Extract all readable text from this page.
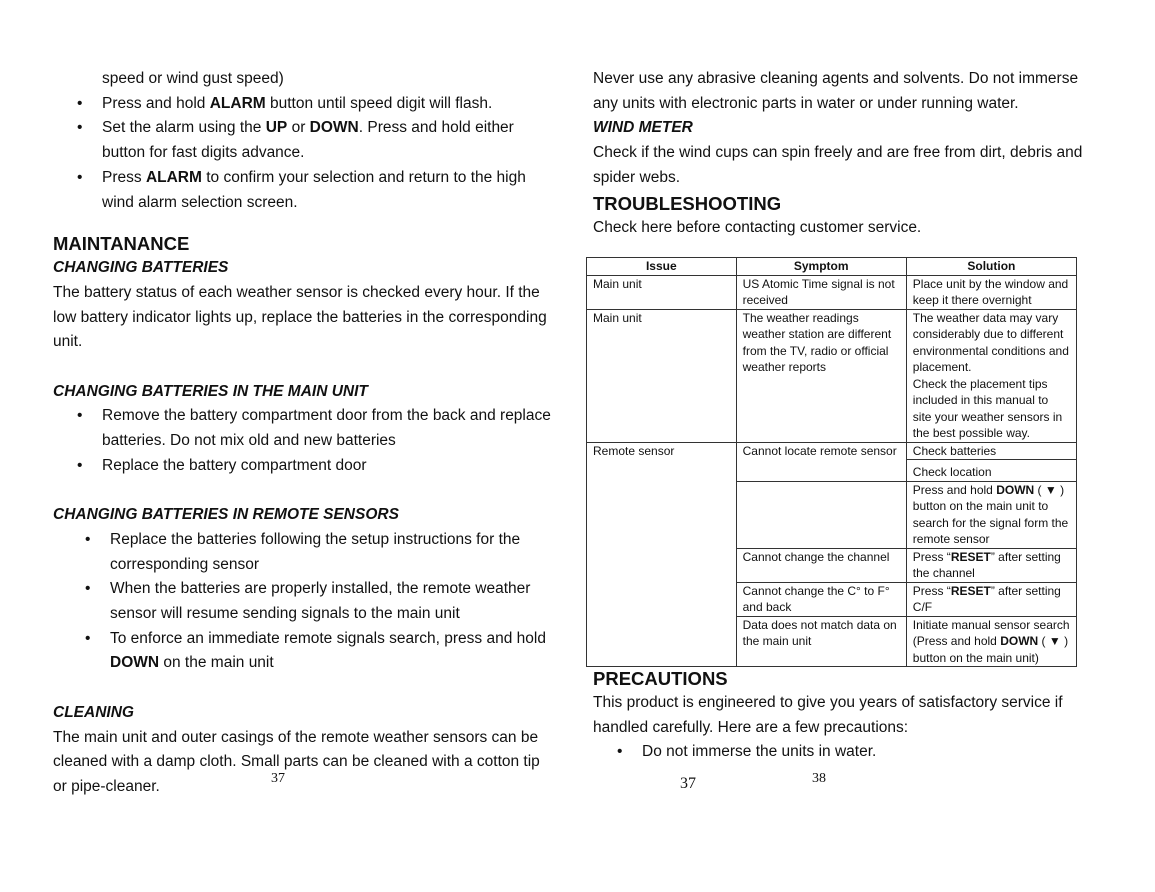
speed or wind gust speed)
• Press and hold ALARM button until speed digit will flash.
• Set the alarm using the UP or DOWN. Press and hold either button for fast digits advance.
• Press ALARM to confirm your selection and return to the high wind alarm selection screen.
MAINTANANCE
CHANGING BATTERIES

The battery status of each weather sensor is checked every hour. If the low battery indicator lights up, replace the batteries in the corresponding unit.

CHANGING BATTERIES IN THE MAIN UNIT
• Remove the battery compartment door from the back and replace batteries. Do not mix old and new batteries
• Replace the battery compartment door
CHANGING BATTERIES IN REMOTE SENSORS
• Replace the batteries following the setup instructions for the corresponding sensor
• When the batteries are properly installed, the remote weather sensor will resume sending signals to the main unit
• To enforce an immediate remote signals search, press and hold DOWN on the main unit
CLEANING

The main unit and outer casings of the remote weather sensors can be cleaned with a damp cloth. Small parts can be cleaned with a cotton tip or pipe-cleaner.	37

Never use any abrasive cleaning agents and solvents. Do not immerse any units with electronic parts in water or under running water.

WIND METER

Check if the wind cups can spin freely and are free from dirt, debris and spider webs.

TROUBLESHOOTING

Check here before contacting customer service.

Issue	Symptom	Solution
Main unit	US Atomic Time signal is not received	Place unit by the window and keep it there overnight
Main unit	The weather readings weather station are different from the TV, radio or official weather reports	The weather data may vary considerably due to different environmental conditions and placement.
Check the placement tips included in this manual to site your weather sensors in the best possible way.

Remote sensor	Cannot locate remote sensor	Check batteries
		Check location
		Press and hold DOWN ( ▼ ) button on the main unit to search for the signal form the remote sensor
	Cannot change the channel	Press “RESET” after setting the channel
	Cannot change the C° to F° and back	Press “RESET” after setting C/F
	Data does not match data on the main unit	Initiate manual sensor search (Press and hold DOWN ( ▼ ) button on the main unit)
PRECAUTIONS

This product is engineered to give you years of satisfactory service if handled carefully. Here are a few precautions:

• Do not immerse the units in water.
37	38
